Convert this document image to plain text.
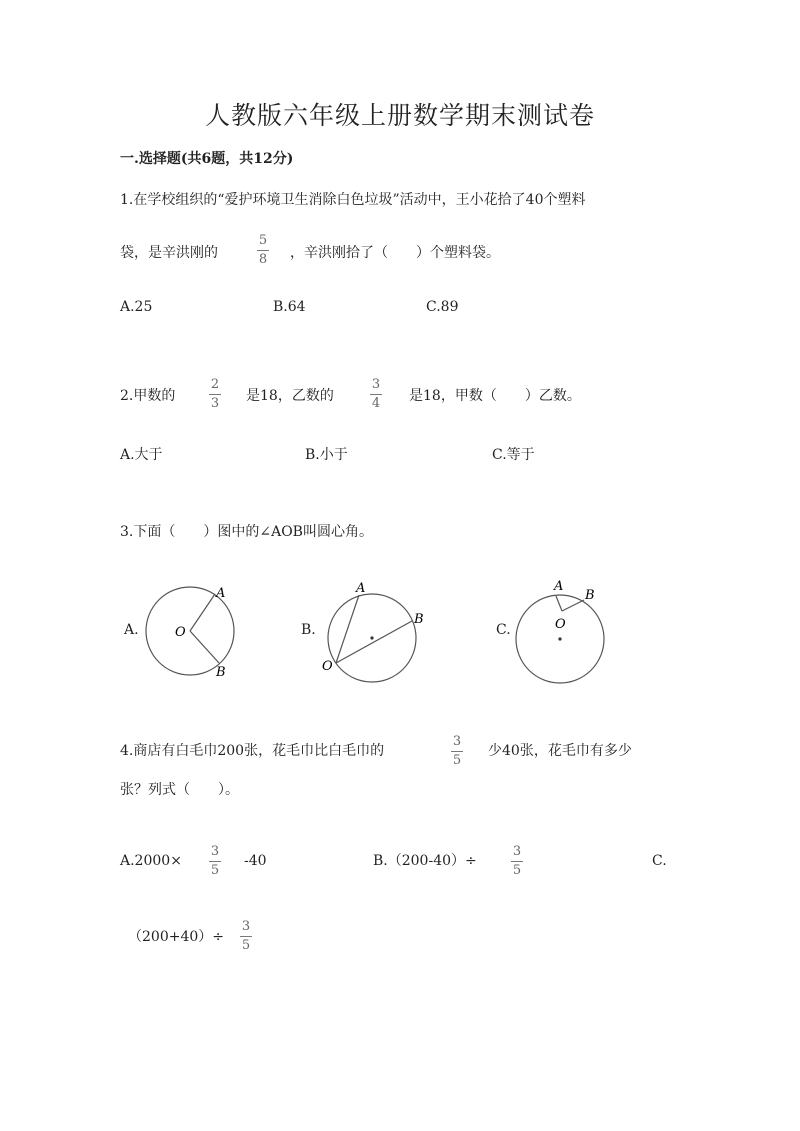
人教版六年级上册数学期末测试卷
一.选择题(共6题，共12分)
1.在学校组织的“爱护环境卫生消除白色垃圾”活动中，王小花拾了40个塑料
袋，是辛洪刚的
5
8 ，辛洪刚拾了（　　）个塑料袋。
A.25	B.64	C.89
2.甲数的
2
3 是18，乙数的
3
4 是18，甲数（　　）乙数。
A.大于	B.小于	C.等于
3.下面（　　）图中的∠AOB叫圆心角。
A.	B.	C.
A
O
B
A
B
O
A
B
O
4.商店有白毛巾200张，花毛巾比白毛巾的
3
5
少40张，花毛巾有多少
张？列式（　　）。
A.2000×
3
5
-40	B.（200-40）÷
3
5
C.
（200+40）÷
3
5
